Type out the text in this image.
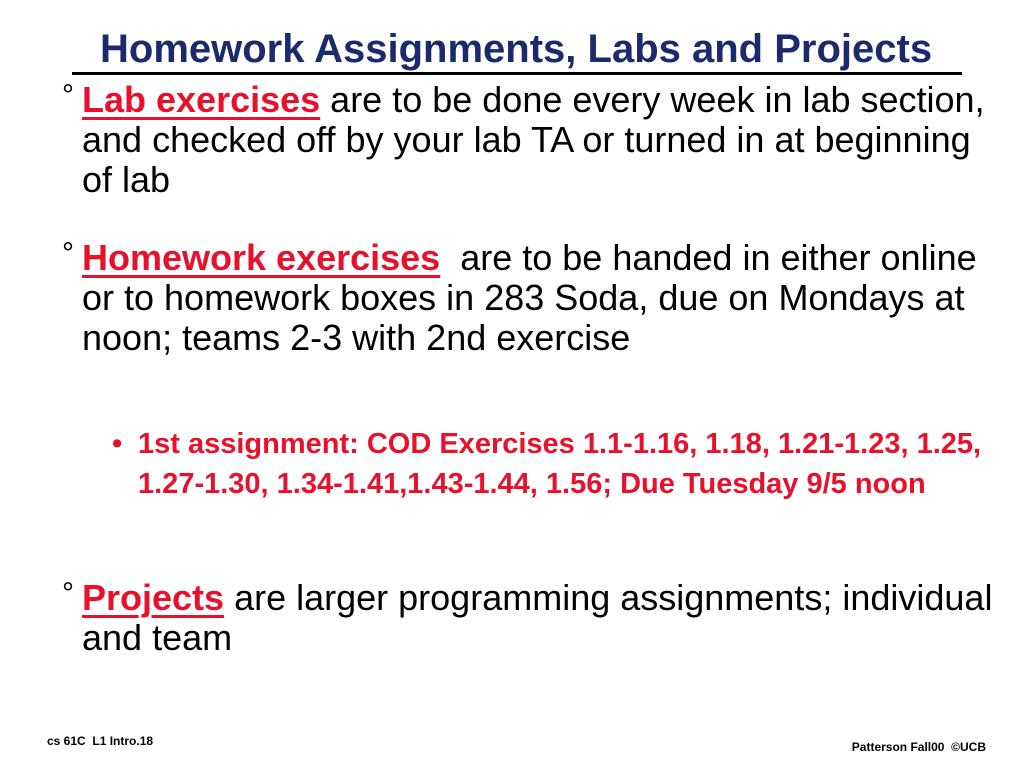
Homework Assignments, Labs and Projects
° Lab exercises are to be done every week in lab section, and checked off by your lab TA or turned in at beginning of lab
° Homework exercises  are to be handed in either online or to homework boxes in 283 Soda, due on Mondays at noon; teams 2-3 with 2nd exercise
• 1st assignment: COD Exercises 1.1-1.16, 1.18, 1.21-1.23, 1.25, 1.27-1.30, 1.34-1.41,1.43-1.44, 1.56; Due Tuesday 9/5 noon
° Projects are larger programming assignments; individual and team
cs 61C  L1 Intro.18	Patterson Fall00  ©UCB
